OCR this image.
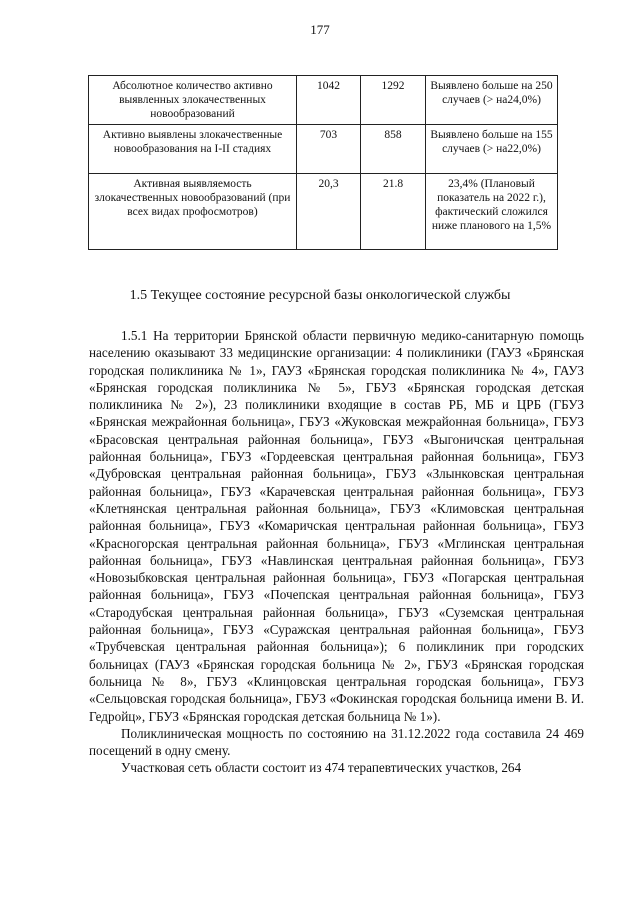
177
Абсолютное количество активно выявленных злокачественных новообразований	1042	1292	Выявлено больше на 250 случаев (> на24,0%)
Активно выявлены злокачественные новообразования на I-II стадиях	703	858	Выявлено больше на 155 случаев (> на22,0%)
Активная выявляемость злокачественных новообразований (при всех видах профосмотров)	20,3	21.8	23,4% (Плановый показатель на 2022 г.), фактический сложился ниже планового на 1,5%
1.5 Текущее состояние ресурсной базы онкологической службы

1.5.1 На территории Брянской области первичную медико-санитарную помощь населению оказывают 33 медицинские организации: 4 поликлиники (ГАУЗ «Брянская городская поликлиника № 1», ГАУЗ «Брянская городская поликлиника № 4», ГАУЗ «Брянская городская поликлиника № 5», ГБУЗ «Брянская городская детская поликлиника № 2»), 23 поликлиники входящие в состав РБ, МБ и ЦРБ (ГБУЗ «Брянская межрайонная больница», ГБУЗ «Жуковская межрайонная больница», ГБУЗ «Брасовская центральная районная больница», ГБУЗ «Выгоничская центральная районная больница», ГБУЗ «Гордеевская центральная районная больница», ГБУЗ «Дубровская центральная районная больница», ГБУЗ «Злынковская центральная районная больница», ГБУЗ «Карачевская центральная районная больница», ГБУЗ «Клетнянская центральная районная больница», ГБУЗ «Климовская центральная районная больница», ГБУЗ «Комаричская центральная районная больница», ГБУЗ «Красногорская центральная районная больница», ГБУЗ «Мглинская центральная районная больница», ГБУЗ «Навлинская центральная районная больница», ГБУЗ «Новозыбковская центральная районная больница», ГБУЗ «Погарская центральная районная больница», ГБУЗ «Почепская центральная районная больница», ГБУЗ «Стародубская центральная районная больница», ГБУЗ «Суземская центральная районная больница», ГБУЗ «Суражская центральная районная больница», ГБУЗ «Трубчевская центральная районная больница»); 6 поликлиник при городских больницах (ГАУЗ «Брянская городская больница № 2», ГБУЗ «Брянская городская больница № 8», ГБУЗ «Клинцовская центральная городская больница», ГБУЗ «Сельцовская городская больница», ГБУЗ «Фокинская городская больница имени В. И. Гедройц», ГБУЗ «Брянская городская детская больница № 1»).

Поликлиническая мощность по состоянию на 31.12.2022 года составила 24 469 посещений в одну смену.

Участковая сеть области состоит из 474 терапевтических участков, 264
